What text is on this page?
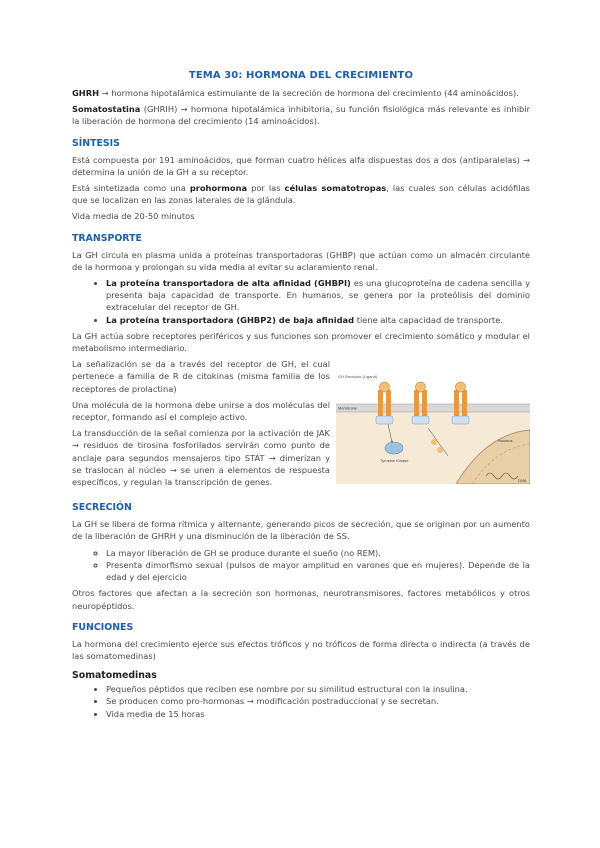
TEMA 30: HORMONA DEL CRECIMIENTO

GHRH → hormona hipotalámica estimulante de la secreción de hormona del crecimiento (44 aminoácidos).

Somatostatina (GHRIH) → hormona hipotalámica inhibitoria, su función fisiológica más relevante es inhibir la liberación de hormona del crecimiento (14 aminoácidos).

SÍNTESIS

Está compuesta por 191 aminoácidos, que forman cuatro hélices alfa dispuestas dos a dos (antiparalelas) → determina la unión de la GH a su receptor.

Está sintetizada como una prohormona por las células somatotropas, las cuales son células acidófilas que se localizan en las zonas laterales de la glándula.

Vida media de 20-50 minutos

TRANSPORTE

La GH circula en plasma unida a proteínas transportadoras (GHBP) que actúan como un almacén circulante de la hormona y prolongan su vida media al evitar su aclaramiento renal.

• La proteína transportadora de alta afinidad (GHBPI) es una glucoproteína de cadena sencilla y presenta baja capacidad de transporte. En humanos, se genera por la proteólisis del dominio extracelular del receptor de GH.
• La proteína transportadora (GHBP2) de baja afinidad tiene alta capacidad de transporte.

La GH actúa sobre receptores periféricos y sus funciones son promover el crecimiento somático y modular el metabolismo intermediario.

La señalización se da a través del receptor de GH, el cual pertenece a familia de R de citokinas (misma familia de los receptores de prolactina)

Una molécula de la hormona debe unirse a dos moléculas del receptor, formando así el complejo activo.

La transducción de la señal comienza por la activación de JAK → residuos de tirosina fosforilados servirán como punto de anclaje para segundos mensajeros tipo STAT → dimerizan y se traslocan al núcleo → se unen a elementos de respuesta específicos, y regulan la transcripción de genes.

GH Receptor (Ligand)
Membrane
Tyrosine Kinase
Nucleus
DNA
SECRECIÓN

La GH se libera de forma rítmica y alternante, generando picos de secreción, que se originan por un aumento de la liberación de GHRH y una disminución de la liberación de SS.

◦ La mayor liberación de GH se produce durante el sueño (no REM).
◦ Presenta dimorfismo sexual (pulsos de mayor amplitud en varones que en mujeres). Depende de la edad y del ejercicio

Otros factores que afectan a la secreción son hormonas, neurotransmisores, factores metabólicos y otros neuropéptidos.

FUNCIONES

La hormona del crecimiento ejerce sus efectos tróficos y no tróficos de forma directa o indirecta (a través de las somatomedinas)

Somatomedinas
• Pequeños péptidos que reciben ese nombre por su similitud estructural con la insulina.
• Se producen como pro-hormonas → modificación postraduccional y se secretan.
• Vida media de 15 horas
